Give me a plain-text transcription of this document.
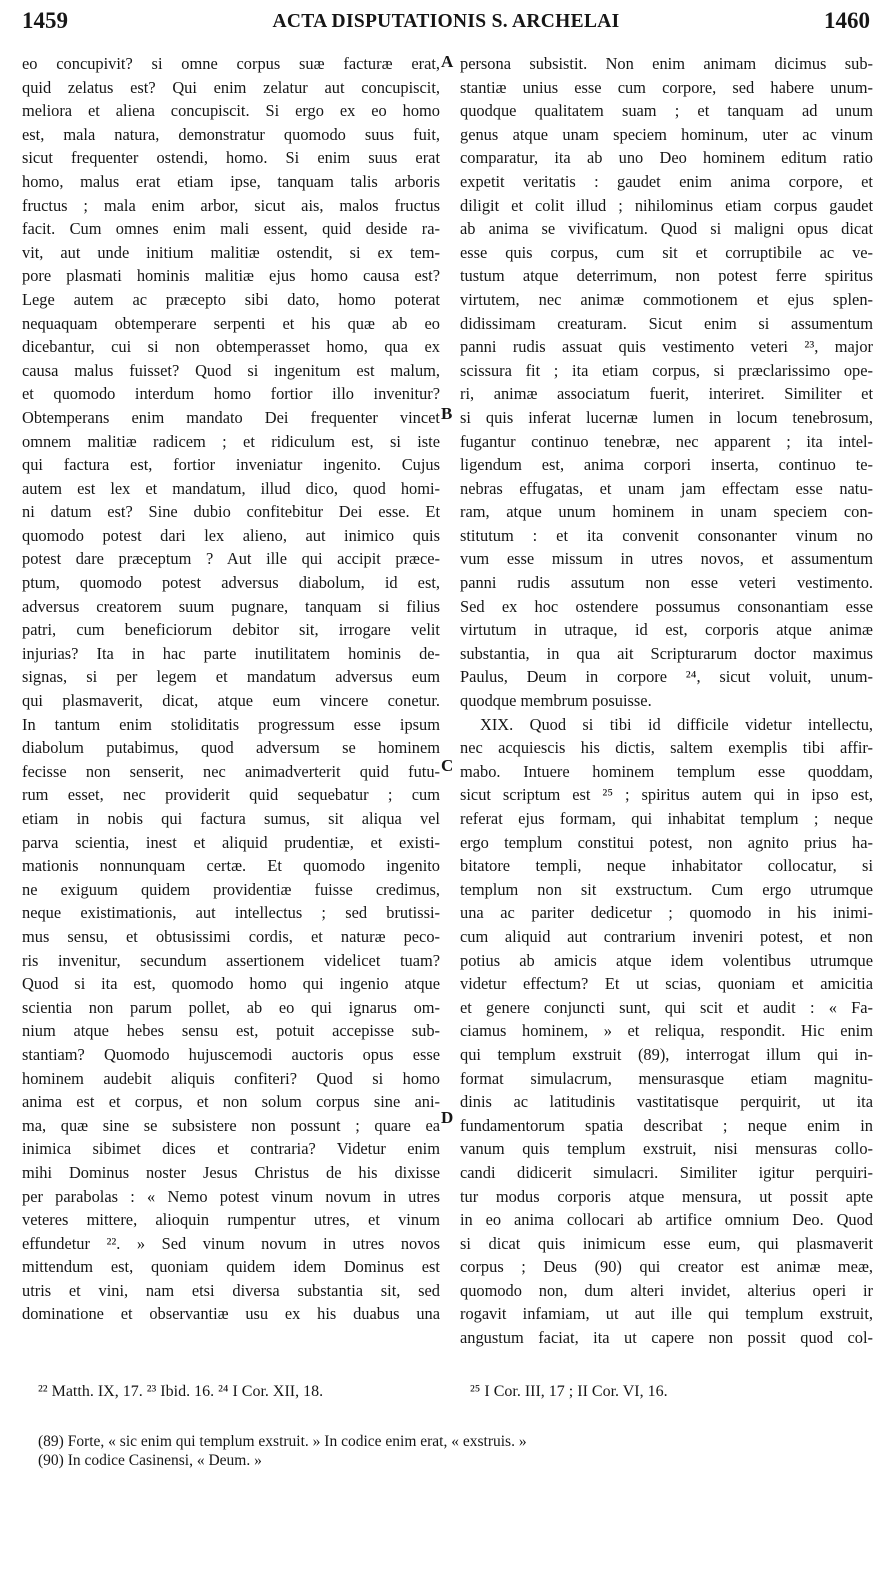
1459	ACTA DISPUTATIONIS S. ARCHELAI	1460
eo concupivit? si omne corpus suæ facturæ erat,
quid zelatus est? Qui enim zelatur aut concupiscit,
meliora et aliena concupiscit. Si ergo ex eo homo
est, mala natura, demonstratur quomodo suus fuit,
sicut frequenter ostendi, homo. Si enim suus erat
homo, malus erat etiam ipse, tanquam talis arboris
fructus ; mala enim arbor, sicut ais, malos fructus
facit. Cum omnes enim mali essent, quid deside ra-
vit, aut unde initium malitiæ ostendit, si ex tem-
pore plasmati hominis malitiæ ejus homo causa est?
Lege autem ac præcepto sibi dato, homo poterat
nequaquam obtemperare serpenti et his quæ ab eo
dicebantur, cui si non obtemperasset homo, qua ex
causa malus fuisset? Quod si ingenitum est malum,
et quomodo interdum homo fortior illo invenitur?
Obtemperans enim mandato Dei frequenter vincet
omnem malitiæ radicem ; et ridiculum est, si iste
qui factura est, fortior inveniatur ingenito. Cujus
autem est lex et mandatum, illud dico, quod homi-
ni datum est? Sine dubio confitebitur Dei esse. Et
quomodo potest dari lex alieno, aut inimico quis
potest dare præceptum ? Aut ille qui accipit præce-
ptum, quomodo potest adversus diabolum, id est,
adversus creatorem suum pugnare, tanquam si filius
patri, cum beneficiorum debitor sit, irrogare velit
injurias? Ita in hac parte inutilitatem hominis de-
signas, si per legem et mandatum adversus eum
qui plasmaverit, dicat, atque eum vincere conetur.
In tantum enim stoliditatis progressum esse ipsum
diabolum putabimus, quod adversum se hominem
fecisse non senserit, nec animadverterit quid futu-
rum esset, nec providerit quid sequebatur ; cum
etiam in nobis qui factura sumus, sit aliqua vel
parva scientia, inest et aliquid prudentiæ, et existi-
mationis nonnunquam certæ. Et quomodo ingenito
ne exiguum quidem providentiæ fuisse credimus,
neque existimationis, aut intellectus ; sed brutissi-
mus sensu, et obtusissimi cordis, et naturæ peco-
ris invenitur, secundum assertionem videlicet tuam?
Quod si ita est, quomodo homo qui ingenio atque
scientia non parum pollet, ab eo qui ignarus om-
nium atque hebes sensu est, potuit accepisse sub-
stantiam? Quomodo hujuscemodi auctoris opus esse
hominem audebit aliquis confiteri? Quod si homo
anima est et corpus, et non solum corpus sine ani-
ma, quæ sine se subsistere non possunt ; quare ea
inimica sibimet dices et contraria? Videtur enim
mihi Dominus noster Jesus Christus de his dixisse
per parabolas : « Nemo potest vinum novum in utres
veteres mittere, alioquin rumpentur utres, et vinum
effundetur ²². » Sed vinum novum in utres novos
mittendum est, quoniam quidem idem Dominus est
utris et vini, nam etsi diversa substantia sit, sed
dominatione et observantiæ usu ex his duabus una
persona subsistit. Non enim animam dicimus sub-
stantiæ unius esse cum corpore, sed habere unum-
quodque qualitatem suam ; et tanquam ad unum
genus atque unam speciem hominum, uter ac vinum
comparatur, ita ab uno Deo hominem editum ratio
expetit veritatis : gaudet enim anima corpore, et
diligit et colit illud ; nihilominus etiam corpus gaudet
ab anima se vivificatum. Quod si maligni opus dicat
esse quis corpus, cum sit et corruptibile ac ve-
tustum atque deterrimum, non potest ferre spiritus
virtutem, nec animæ commotionem et ejus splen-
didissimam creaturam. Sicut enim si assumentum
panni rudis assuat quis vestimento veteri ²³, major
scissura fit ; ita etiam corpus, si præclarissimo ope-
ri, animæ associatum fuerit, interiret. Similiter et
si quis inferat lucernæ lumen in locum tenebrosum,
fugantur continuo tenebræ, nec apparent ; ita intel-
ligendum est, anima corpori inserta, continuo te-
nebras effugatas, et unam jam effectam esse natu-
ram, atque unum hominem in unam speciem con-
stitutum : et ita convenit consonanter vinum no
vum esse missum in utres novos, et assumentum
panni rudis assutum non esse veteri vestimento.
Sed ex hoc ostendere possumus consonantiam esse
virtutum in utraque, id est, corporis atque animæ
substantia, in qua ait Scripturarum doctor maximus
Paulus, Deum in corpore ²⁴, sicut voluit, unum-
quodque membrum posuisse.
XIX. Quod si tibi id difficile videtur intellectu,
nec acquiescis his dictis, saltem exemplis tibi affir-
mabo. Intuere hominem templum esse quoddam,
sicut scriptum est ²⁵ ; spiritus autem qui in ipso est,
referat ejus formam, qui inhabitat templum ; neque
ergo templum constitui potest, non agnito prius ha-
bitatore templi, neque inhabitator collocatur, si
templum non sit exstructum. Cum ergo utrumque
una ac pariter dedicetur ; quomodo in his inimi-
cum aliquid aut contrarium inveniri potest, et non
potius ab amicis atque idem volentibus utrumque
videtur effectum? Et ut scias, quoniam et amicitia
et genere conjuncti sunt, qui scit et audit : « Fa-
ciamus hominem, » et reliqua, respondit. Hic enim
qui templum exstruit (89), interrogat illum qui in-
format simulacrum, mensurasque etiam magnitu-
dinis ac latitudinis vastitatisque perquirit, ut ita
fundamentorum spatia describat ; neque enim in
vanum quis templum exstruit, nisi mensuras collo-
candi didicerit simulacri. Similiter igitur perquiri-
tur modus corporis atque mensura, ut possit apte
in eo anima collocari ab artifice omnium Deo. Quod
si dicat quis inimicum esse eum, qui plasmaverit
corpus ; Deus (90) qui creator est animæ meæ,
quomodo non, dum alteri invidet, alterius operi ir
rogavit infamiam, ut aut ille qui templum exstruit,
angustum faciat, ita ut capere non possit quod col-
A
B
C
D
²² Matth. IX, 17. ²³ Ibid. 16. ²⁴ I Cor. XII, 18.	²⁵ I Cor. III, 17 ; II Cor. VI, 16.
(89) Forte, « sic enim qui templum exstruit. » In codice enim erat, « exstruis. »
(90) In codice Casinensi, « Deum. »
